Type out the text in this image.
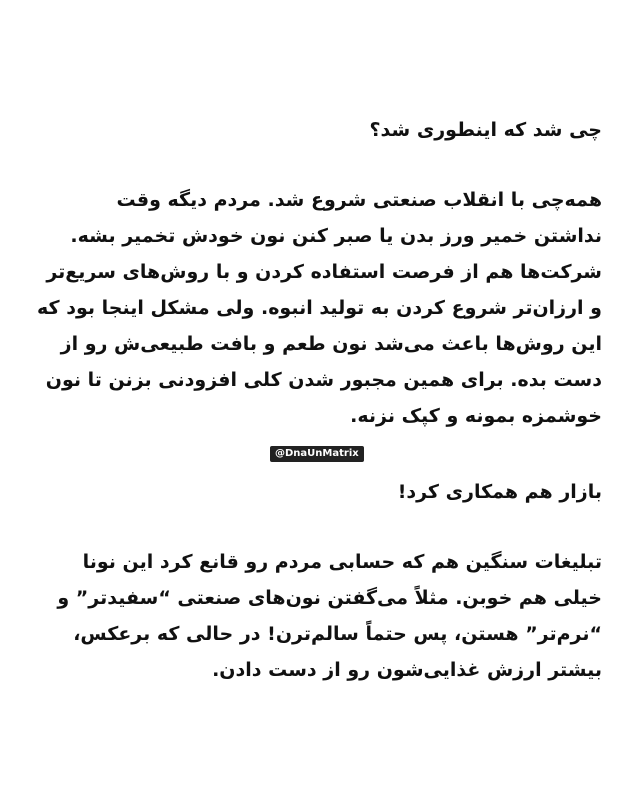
چی شد که اینطوری شد؟
همه‌چی با انقلاب صنعتی شروع شد. مردم دیگه وقت
نداشتن خمیر ورز بدن یا صبر کنن نون خودش تخمیر بشه.
شرکت‌ها هم از فرصت استفاده کردن و با روش‌های سریع‌تر
و ارزان‌تر شروع کردن به تولید انبوه. ولی مشکل اینجا بود که
این روش‌ها باعث می‌شد نون طعم و بافت طبیعی‌ش رو از
دست بده. برای همین مجبور شدن کلی افزودنی بزنن تا نون
خوشمزه بمونه و کپک نزنه.
@DnaUnMatrix
بازار هم همکاری کرد!
تبلیغات سنگین هم که حسابی مردم رو قانع کرد این نونا
خیلی هم خوبن. مثلاً می‌گفتن نون‌های صنعتی “سفیدتر” و
“نرم‌تر” هستن، پس حتماً سالم‌ترن! در حالی که برعکس،
بیشتر ارزش غذایی‌شون رو از دست دادن.
